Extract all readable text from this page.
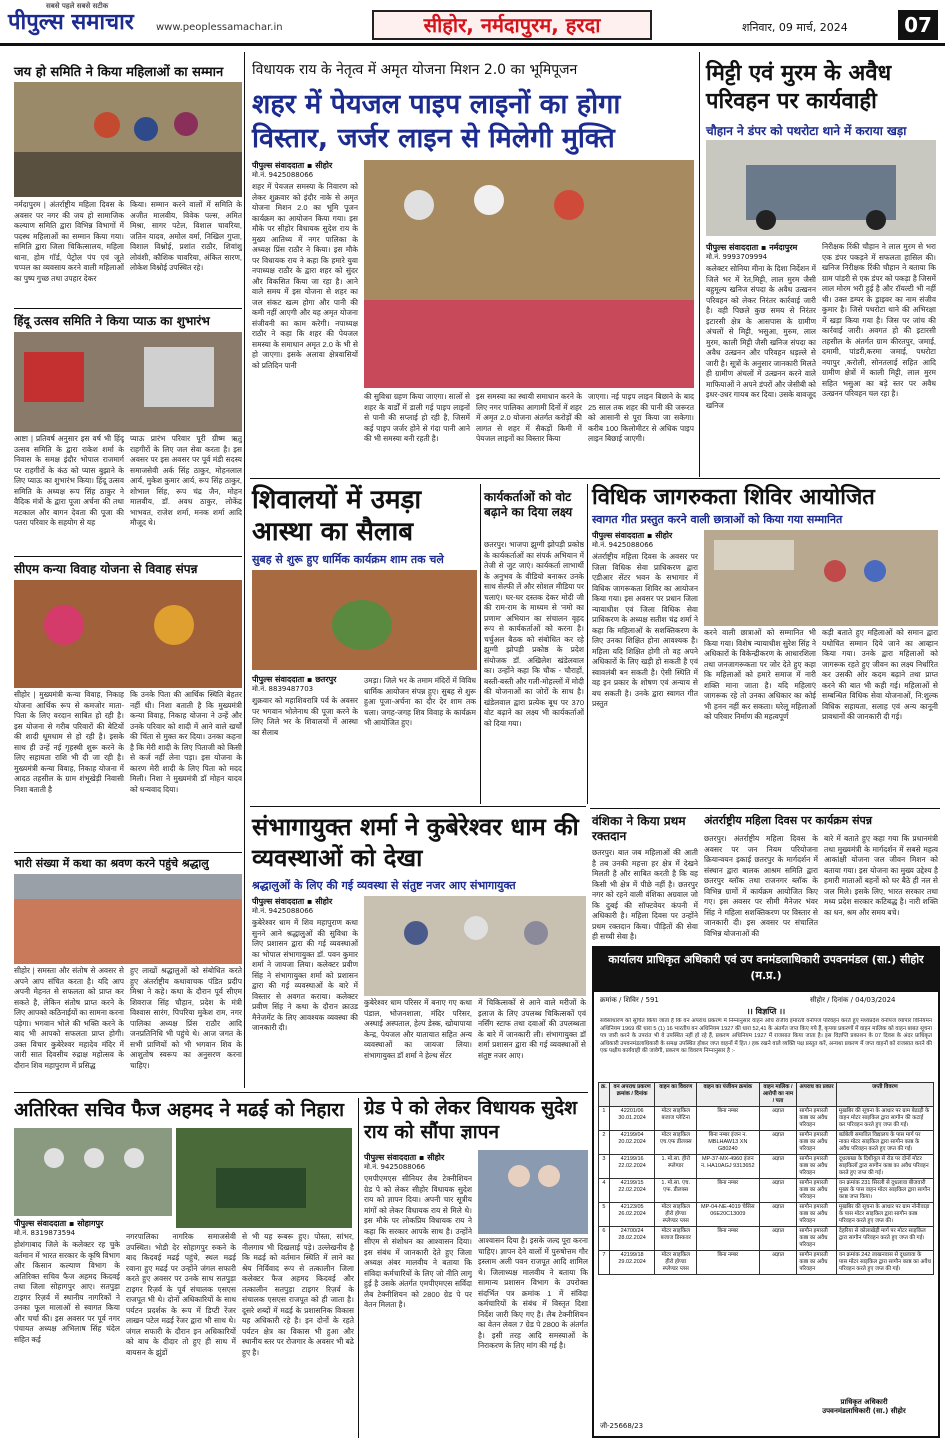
पीपुल्स समाचार
सबसे पहले सबसे सटीक
www.peoplessamachar.in	सीहोर, नर्मदापुरम, हरदा	शनिवार, 09 मार्च, 2024	07
जय हो समिति ने किया महिलाओं का सम्मान
नर्मदापुरम | अंतर्राष्ट्रीय महिला दिवस के अवसर पर नगर की जय हो सामाजिक कल्याण समिति द्वारा विभिन्न विभागों में पदस्थ महिलाओं का सम्मान किया गया। समिति द्वारा जिला चिकित्सालय, महिला थाना, होम गॉर्ड, पेट्रोल पंप एवं जूते चप्पल का व्यवसाय करने वाली महिलाओं का पुष्प गुच्छ तथा उपहार देकर
किया। सम्मान करने वालों में समिति के अजीत मालवीय, विवेक पल्स, अमित मिश्रा, सागर पटेल, विशाल चावरिया, जतिन यादव, अमोल वर्मा, निखिल गुप्ता, विशाल विश्नोई, प्रशांत राठौर, शिवांशु लोवंशी, कौशिक चावरिया, अंकित सारण, लोकेश विश्नोई उपस्थित रहे।
हिंदू उत्सव समिति ने किया प्याऊ का शुभारंभ
आष्टा | प्रतिवर्ष अनुसार इस वर्ष भी हिंदू उत्सव समिति के द्वारा राकेश शर्मा के निवास के समक्ष इंदौर भोपाल राजमार्ग पर राहगीरों के कंठ को प्यास बुझाने के लिए प्याऊ का शुभारंभ किया। हिंदू उत्सव समिति के अध्यक्ष रूप सिंह ठाकुर ने वैदिक मंत्रों के द्वारा पूजा अर्चना की तथा मटकाल और बागन देवता की पूजा की पतरा परिवार के सहयोग से यह
प्याऊ प्रारंभ परिवार पूरी ग्रीष्म ऋतु राहगीरों के लिए जल सेवा करता है। इस अवसर पर इस अवसर पर पूर्व मंडी सदस्य समाजसेवी अर्क सिंह ठाकुर, मोहनलाल आर्य, मुकेश कुमार आर्य, रूप सिंह ठाकुर, शोभाल सिंह, रूप चंद्र जैन, मोहन मालवीय, डॉ. अवध ठाकुर, लोकेंद्र भाभवत, राजेश शर्मा, मनक शर्मा आदि मौजूद थे।
सीएम कन्या विवाह योजना से विवाह संपन्न
सीहोर | मुख्यमंत्री कन्या विवाह, निकाह योजना आर्थिक रूप से कमजोर माता-पिता के लिए वरदान साबित हो रही है। इस योजना से गरीब परिवारों की बेटियों की शादी धूमधाम से हो रही है। इसके साथ ही उन्हें नई गृहस्थी शुरू करने के लिए सहायता राशि भी दी जा रही है। मुख्यमंत्री कन्या विवाह, निकाह योजना में आदठ तहसील के ग्राम शंभूखेड़ी निवासी निशा बताती है
कि उनके पिता की आर्थिक स्थिति बेहतर नहीं थी। निशा बताती है कि मुख्यमंत्री कन्या विवाह, निकाह योजना ने उन्हें और उनके परिवार को शादी में आने वाले खर्चों की चिंता से मुक्त कर दिया। उनका कहना है कि मेरी शादी के लिए पिताजी को किसी से कर्ज नहीं लेना पड़ा। इस योजना के कारण मेरी शादी के लिए पिता को मदद मिली। निशा ने मुख्यमंत्री डॉ मोहन यादव को धन्यवाद दिया।
भारी संख्या में कथा का श्रवण करने पहुंचे श्रद्धालु
सीहोर | समस्ता और संतोष से अवसर से अपने आप संचित करता है। यदि आप अपनी मेहनत से सफलता को प्राप्त कर सकते है, लेकिन संतोष प्राप्त करने के लिए आपको कठिनाईयों का सामना करना पड़ेगा। भगवान भोले की भक्ति करने के बाद भी आपको सफलता प्राप्त होगी। उक्त विचार कुबेरेश्वर महादेव मंदिर में जारी सात दिवसीय रुद्राक्ष महोत्सव के दौरान शिव महापुराण में प्रसिद्ध
हुए लाखों श्रद्धालुओं को संबोधित करते हुए अंतर्राष्ट्रीय कथावाचक पंडित प्रदीप मिश्रा ने कहे। कथा के दौरान पूर्व सीएम शिवराज सिंह चौहान, प्रदेश के मंत्री विश्वास सारंग, पिपरिया मुकेश राम, नगर पालिका अध्यक्ष प्रिंस राठौर आदि जनप्रतिनिधि भी पहुंचे थे। आज जगत के सभी प्राणियों को भी भगवान शिव के आशुतोष स्वरूप का अनुसरण करना चाहिए।
विधायक राय के नेतृत्व में अमृत योजना मिशन 2.0 का भूमिपूजन
शहर में पेयजल पाइप लाइनों का होगा विस्तार, जर्जर लाइन से मिलेगी मुक्ति
पीपुल्स संवाददाता ▪ सीहोर
मो.नं. 9425088066
शहर में पेयजल समस्या के निवारण को लेकर शुक्रवार को इंदौर नाके से अमृत योजना मिशन 2.0 का भूमि पूजन कार्यक्रम का आयोजन किया गया। इस मौके पर सीहोर विधायक सुदेश राय के मुख्य आतिथ्य में नगर पालिका के अध्यक्ष प्रिंस राठौर ने किया। इस मौके पर विधायक राय ने कहा कि हमारे युवा नपाध्यक्ष राठौर के द्वारा शहर को सुंदर और विकसित किया जा रहा है। आने वाले समय में इस योजना से शहर का जल संकट खत्म होगा और पानी की कमी नहीं आएगी और यह अमृत योजना संजीवनी का काम करेगी। नपाध्यक्ष राठौर ने कहा कि शहर की पेयजल समस्या के समाधान अमृत 2.0 के भी से हो जाएगा। इसके अलावा क्षेत्रवासियों को प्रतिदिन पानी
की सुविधा ग्रहण किया जाएगा। सालों से शहर के वार्डों में डाली गई पाइप लाइनों से पानी की सप्लाई हो रही है, जिसमें कई पाइप जर्जर होने से गंदा पानी आने की भी समस्या बनी रहती है।
इस समस्या का स्थायी समाधान करने के लिए नगर पालिका आगामी दिनों में शहर में अमृत 2.0 योजना अंतर्गत करोड़ों की लागत से शहर में सैकड़ों किमी में पेयजल लाइनों का विस्तार किया
जाएगा। नई पाइप लाइन बिछाने के बाद 25 साल तक शहर की पानी की जरूरत को आसानी से पूरा किया जा सकेगा। करीब 100 किलोमीटर से अधिक पाइप लाइन बिछाई जाएगी।
मिट्टी एवं मुरम के अवैध परिवहन पर कार्यवाही
चौहान ने डंपर को पथरोटा थाने में कराया खड़ा
पीपुल्स संवाददाता ▪ नर्मदापुरम
मो.नं. 9993709994
कलेक्टर सोनिया मीना के दिशा निर्देशन में जिले भर में रेत,मिट्टी, लाल मुरम जैसी बहुमूल्य खनिज संपदा के अवैध उत्खनन परिवहन को लेकर निरंतर कार्रवाई जारी है। वही पिछले कुछ समय से निरंतर इटारसी क्षेत्र के आसपास के ग्रामीण अंचलों से मिट्टी, भसुआ, मुरुम, लाल मुरम, काली मिट्टी जैसी खनिज संपदा का अवैध उत्खनन और परिवहन धड़ल्ले से जारी है। सूत्रों के अनुसार जानकारी मिलते ही ग्रामीण अंचलों में उत्खनन करने वाले माफियाओं ने अपने डंपरों और जेसीबी को इधर-उधर गायब कर दिया। उसके बावजूद खनिज
निरीक्षक रिंकी चौहान ने लाल मुरम से भरा एक डंपर पकड़ने में सफलता हासिल की। खनिज निरीक्षक रिंकी चौहान ने बताया कि ग्राम पांडरी से एक डंपर को पकड़ा है जिसमें लाल मोरम भरी हुई है और रॉयल्टी भी नहीं थी। उक्त डम्पर के ड्राइवर का नाम संजीव कुमार है। जिसे पथरोटा थाने की अभिरक्षा में खड़ा किया गया है। जिस पर जांच की कार्रवाई जारी। अवगत हो की इटारसी तहसील के अंतर्गत ग्राम कीरतपुर, जमाई, दमामी, पांडरी,करमा जमाई, पथरोटा नयापुर ,करोली, सोनतलाई सहित आदि ग्रामीण क्षेत्रों में काली मिट्टी, लाल मुरम सहित भसुआ का बड़े स्तर पर अवैध उत्खनन परिवहन चल रहा है।
शिवालयों में उमड़ा आस्था का सैलाब
सुबह से शुरू हुए धार्मिक कार्यक्रम शाम तक चले
पीपुल्स संवाददाता ▪ छतरपुर
मो.नं. 8839487703
शुक्रवार को महाशिवरात्रि पर्व के अवसर पर भगवान भोलेनाथ की पूजा करने के लिए जिले भर के शिवालयों में आस्था का सैलाब
उमड़ा। जिले भर के तमाम मंदिरों में विविध धार्मिक आयोजन संपन्न हुए। सुबह से शुरू हुआ पूजा-अर्चना का दौर देर शाम तक चला। जगह-जगह शिव विवाह के कार्यक्रम भी आयोजित हुए।
कार्यकर्ताओं को वोट बढ़ाने का दिया लक्ष्य
छतरपुर। भाजपा झुग्गी झोपड़ी प्रकोष्ठ के कार्यकर्ताओं का संपर्क अभियान में तेजी से जुट जाएं। कार्यकर्ता लाभार्थी के अनुभव के वीडियो बनाकर उनके साथ सेल्फी लें और सोशल मीडिया पर चलाएं। घर-घर दस्तक देकर मोदी जी की राम-राम के माध्यम से 'नमो का प्रणाम' अभियान का संचालन वृहद रूप से कार्यकर्ताओं को करना है। चर्चुअल बैठक को संबोधित कर रहे झुग्गी झोपड़ी प्रकोष्ठ के प्रदेश संयोजक डॉ. अखिलेश खंडेलवाल का। उन्होंने कहा कि चौक - चौराहों, बस्ती-बस्ती और गली-मोहल्लों में मोदी की योजनाओं का जोरों के साथ है। खंडेलवाल द्वारा प्रत्येक बूथ पर 370 वोट बढ़ाने का लक्ष्य भी कार्यकर्ताओं को दिया गया।
विधिक जागरुकता शिविर आयोजित
स्वागत गीत प्रस्तुत करने वाली छात्राओं को किया गया सम्मानित
पीपुल्स संवाददाता ▪ सीहोर
मो.नं. 9425088066
अंतर्राष्ट्रीय महिला दिवस के अवसर पर जिला विधिक सेवा प्राधिकरण द्वारा एडीआर सेंटर भवन के सभागार में विधिक जागरूकता शिविर का आयोजन किया गया। इस अवसर पर प्रधान जिला न्यायाधीश एवं जिला विधिक सेवा प्राधिकरण के अध्यक्ष सतीश चंद्र शर्मा ने कहा कि महिलाओं के सशक्तिकरण के लिए उनका शिक्षित होना आवश्यक है। महिला यदि शिक्षित होगी तो वह अपने अधिकारों के लिए खड़ी हो सकती है एवं स्वावलंबी बन सकती है। ऐसी स्थिति में वह इन प्रकार के शोषण एवं अन्याय से बच सकती है। उनके द्वारा स्वागत गीत प्रस्तुत
करने वाली छात्राओं को सम्मानित भी किया गया। विशेष न्यायाधीश सुरेश सिंह ने अधिकारों के विकेन्द्रीकरण के आधारशिला तथा जनजागरूकता पर जोर देते हुए कहा कि महिलाओं को हमारे समाज में नारी शक्ति माना जाता है। यदि महिलाएं जागरूक रहे तो उनका अधिकार का कोई भी हनन नहीं कर सकता। घरेलू महिलाओं को परिवार निर्माण की महत्वपूर्ण
कड़ी बताते हुए महिलाओं को समान द्वारा यथोचित सम्मान दिये जाने का आव्हान किया गया। उनके द्वारा महिलाओं को जागरूक रहते हुए जीवन का लक्ष्य निर्धारित कर उसकी ओर कदम बढ़ाने तथा प्राप्त करने की बात भी कही गई। महिलाओं से सम्बन्धित विधिक सेवा योजनाओं, नि:शुल्क विधिक सहायता, सलाह एवं अन्य कानूनी प्रावधानों की जानकारी दी गई।
वंशिका ने किया प्रथम रक्तदान
छतरपुर। बात जब महिलाओं की आती है तब उनकी महत्ता हर क्षेत्र में देखने मिलती है और साबित करती है कि वह किसी भी क्षेत्र में पीछे नहीं है। छतरपुर नगर को रहने वाली वंशिका अग्रवाल जो कि दुबई की सॉफ्टवेयर कंपनी में अधिकारी है। महिला दिवस पर उन्होंने प्रथम रक्तदान किया। पीड़ितों की सेवा ही सच्ची सेवा है।
अंतर्राष्ट्रीय महिला दिवस पर कार्यक्रम संपन्न
छतरपुर। अंतर्राष्ट्रीय महिला दिवस के अवसर पर जन नियम परियोजना क्रियान्वयन इकाई छतरपुर के मार्गदर्शन में संस्थान द्वारा बालक आश्रम समिति द्वारा छतरपुर ब्लॉक तथा राजनगर ब्लॉक के विभिन्न ग्रामों में कार्यक्रम आयोजित किए गए। इस अवसर पर सीमी मैनेजर भंवर सिंह ने महिला सशक्तिकरण पर विस्तार से जानकारी दी। इस अवसर पर संचालित विभिन्न योजनाओं की
बारे में बताते हुए कहा गया कि प्रधानमंत्री तथा मुख्यमंत्री के मार्गदर्शन में सबसे महत्व आकांक्षी योजना जल जीवन मिशन को बताया गया। इस योजना का मुख्य उद्देश्य है हमारी माताओं बहनों को घर बैठे ही नल से जल मिले। इसके लिए, भारत सरकार तथा मध्य प्रदेश सरकार कटिबद्ध है। नारी शक्ति का धन, श्रम और समय बचे।
संभागायुक्त शर्मा ने कुबेरेश्वर धाम की व्यवस्थाओं को देखा
श्रद्धालुओं के लिए की गई व्यवस्था से संतुष्ट नजर आए संभागायुक्त
पीपुल्स संवाददाता ▪ सीहोर
मो.नं. 9425088066
कुबेरेश्वर धाम में शिव महापुराण कथा सुनने आने श्रद्धालुओं की सुविधा के लिए प्रशासन द्वारा की गई व्यवस्थाओं का भोपाल संभागायुक्त डॉ. पवन कुमार शर्मा ने जायजा लिया। कलेक्टर प्रवीण सिंह ने संभागायुक्त शर्मा को प्रशासन द्वारा की गई व्यवस्थाओं के बारे में विस्तार से अवगत कराया। कलेक्टर प्रवीण सिंह ने कथा के दौरान क्राउड मैनेजमेंट के लिए आवश्यक व्यवस्था की जानकारी दी।
कुबेरेश्वर धाम परिसर में बनाए गए कथा पंडाल, भोजनशाला, मंदिर परिसर, अस्थाई अस्पताल, हेल्प डेस्क, खोयापाया केन्द्र, पेयजल और यातायात सहित अन्य व्यवस्थाओं का जायजा लिया। संभागायुक्त डॉ शर्मा ने हेल्थ सेंटर
में चिकित्सकों से आने वाले मरीजों के इलाज के लिए उपलब्ध चिकित्सकों एवं नर्सिंग स्टाफ तथा दवाओं की उपलब्धता के बारे में जानकारी ली। संभागायुक्त डॉ शर्मा प्रशासन द्वारा की गई व्यवस्थाओं से संतुष्ट नजर आए।
अतिरिक्त सचिव फैज अहमद ने मढई को निहारा
पीपुल्स संवाददाता ▪ सोहागपुर
मो.नं. 8319873594
होशंगाबाद जिले के कलेक्टर रह चुके वर्तमान में भारत सरकार के कृषि विभाग और किसान कल्याण विभाग के अतिरिक्त सचिव फैज अहमद किदवई तथा जिला सोहागपुर आए। सतपुड़ा टाइगर रिज़र्व में स्थानीय नागरिकों ने उनका फूल मालाओं से स्वागत किया और चर्चा की। इस अवसर पर पूर्व नगर पंचायत अध्यक्ष अभिलाष सिंह चंदेल सहित कई
नगरपालिका नागरिक समाजसेवी उपस्थित। भोडी देर सोहागपुर रुकने के बाद किदवई मढई पहुंचे, स्थल मढई रवाना हुए मढई पर उन्होंने जंगल सफारी करते हुए अवसर पर उनके साथ सतपुड़ा टाइगर रिज़र्व के पूर्व संचालक एसएस राजपूत भी थे। दोनों अधिकारियों के साथ पर्यटन प्रदर्शक के रूप में डिप्टी रेंजर लाखन पटेल मढई रेंजर द्वारा भी साथ थे। जंगल सफारी के दौरान इन अधिकारियों को बाघ के दीदार तो हुए ही साथ में बायसन के झुंडों
से भी यह रूबरू हुए। पोस्ता, सांभर, नीलगाय भी दिखलाई पड़े। उल्लेखनीय है कि मढई को वर्तमान स्थिति में लाने का श्रेय निर्विवाद रूप से तत्कालीन जिला कलेक्टर फैज अहमद किदवई और तत्कालीन सतपुड़ा टाइगर रिज़र्व के संचालक एसएस राजपूत को ही जाता है। दूसरे शब्दों में मढई के प्रशासनिक विकास यह अधिकारी रहे है। इन दोनों के रहते पर्यटन क्षेत्र का विकास भी हुआ और स्थानीय स्तर पर रोजगार के अवसर भी बढे हुए है।
ग्रेड पे को लेकर विधायक सुदेश राय को सौंपा ज्ञापन
पीपुल्स संवाददाता ▪ सीहोर
मो.नं. 9425088066
एमपीएमएस सीनियर लैब टेक्नीशियन ग्रेड पे को लेकर सीहोर विधायक सुदेश राय को ज्ञापन दिया। अपनी चार सूत्रीय मांगों को लेकर विधायक राय से मिले थे। इस मौके पर लोकप्रिय विधायक राय ने कहा कि सरकार आपके साथ है। उन्होंने सीएम से संशोधन का आश्वासन दिया। इस संबंध में जानकारी देते हुए जिला अध्यक्ष अंबर मालवीय ने बताया कि संविदा कर्मचारियों के लिए जो नीति लागू हुई है उसके अंतर्गत एमपीएमएस सर्विदा लैब टेक्नीशियन को 2800 ग्रेड पे पर वेतन मिलता है।
आश्वासन दिया है। इसके जल्द पूरा करना चाहिए। ज्ञापन देने वालों में पुरुषोत्तम गौर इस्लाम अली पवन राजपूत आदि शामिल थे। जिलाध्यक्ष मालवीय ने बताया कि सामान्य प्रशासन विभाग के उपरोक्त संदर्भित पत्र क्रमांक 1 में संविदा कर्मचारियों के संबंध में विस्तृत दिशा निर्देश जारी किए गए है। लैब टेक्नीशियन का वेतन लेवल 7 ग्रेड पे 2800 के अंतर्गत है। इसी तरह आदि समस्याओं के निराकरण के लिए मांग की गई है।
कार्यालय प्राधिकृत अधिकारी एवं उप वनमंडलाधिकारी उपवनमंडल (सा.) सीहोर (म.प्र.)
क्रमांक / शिविर / 591	सीहोर / दिनांक / 04/03/2024
।। विज्ञप्ति ।।
सर्वसाधारण को सूचित किया जाता है कि वन अपराध प्रकरण में निम्नानुसार वाहन अधि राजीव इमारती वनोपज परिवहन करते हुए मध्यप्रदेश वनोपज व्यापार विनियमन अधिनियम 1969 की धारा 5 (1) 16 भारतीय वन अधिनियम 1927 की धारा 52,41 के अंतर्गत जप्त किए गये हैं, कृपया प्रकरणों में वाहन मालिक को वाहन बाबत सूचना पत्र जारी करने के उपरांत भी वे उपस्थित नहीं हो रहे हैं, प्रकरण अधिनियम 1927 में राजसात किया जाता है। इस विज्ञप्ति प्रकाशन के 07 दिवस के अंदर प्राधिकृत अधिकारी उपवनमंडलाधिकारी के समक्ष उपस्थित होकर जप्त वाहनों में हित / हक रखने वाले व्यक्ति पक्ष प्रस्तुत करें, अन्यथा प्रकरण में जप्त वाहनों को राजसात करने की एक पक्षीय कार्यवाही की जावेगी, प्रकरण का विवरण निम्नानुसार है :-
क्र.	वन अपराध प्रकरण क्रमांक / दिनांक	वाहन का विवरण	वाहन का पंजीयन क्रमांक	वाहन मालिक / आरोपी का नाम / पता	अपराध का प्रकार	जप्ती विवरण
1	42201/06 30.01.2024	मोटर साइकिल बजाज प्लेटिना	बिना नम्बर	अज्ञात	सागौन इमारती काष्ठ का अवैध परिवहन	मुखबिर की सूचना के आधार पर ग्राम बेडाड़ी के वाहन मोटर साइकिल द्वारा सागौन की कटाई कर परिवहन करते हुए जप्त की गई।
2	42199/04 20.02.2024	मोटर साइकिल एच.एफ डीलक्स	बिना नम्बर इंजन न. MBLHAW13 XN G80240	अज्ञात	सागौन इमारती काष्ठ का अवैध परिवहन	बर्डबेली समावित विद्यालय के पास मार्ग पर नाका मोटर साइकिल द्वारा सागौन काष्ठ के अवैध परिवहन करते हुए जप्त की गई।
3	42199/16 22.02.2024	1. मो.सा. हीरो स्प्लेण्डर	MP-37-MX-4960 इंजन न. HA10AGJ 9313652	अज्ञात	सागौन इमारती काष्ठ का अवैध परिवहन	दूधलाखा के दिशीयूल से रोड पर दोनों मोटर साइकिलों द्वारा सागौन काष्ठ का अवैध परिवहन करते हुए जप्त की गई।
4	42199/15 22.02.2024	1. मो.सा. एच. एफ. डीलक्स	बिना नम्बर	अज्ञात	सागौन इमारती काष्ठ का अवैध परिवहन	वन क्रमांक 231 सिरली से दूधलावा बीजवारी मुख्य के पास वाहन मोटर साइकिल द्वारा सागौन काष्ठ जप्त किया।
5	42123/05 26.02.2024	मोटर साइकिल हीरो होण्डा स्प्लेण्डर प्लस	MP-04-NE-4019 चेसिस 06E20C13009	अज्ञात	सागौन इमारती काष्ठ का अवैध परिवहन	मुखबिर की सूचना के आधार पर ग्राम नोनीवाड़ा के पास मोटर साइकिल द्वारा सागौन काष्ठ परिवहन करते हुए जप्त की।
6	24700/24 28.02.2024	मोटर साइकिल बजाज डिस्कवर	बिना नम्बर	अज्ञात	सागौन इमारती काष्ठ का अवैध परिवहन	देहरिया से कोलाखेड़ी मार्ग पर मोटर साइकिल द्वारा सागौन परिवहन करते हुए जप्त की गई।
7	42199/18 29.02.2024	मोटर साइकिल हीरो होण्डा स्प्लेण्डर प्लस	बिना नम्बर	अज्ञात	सागौन इमारती काष्ठ का अवैध परिवहन	वन क्रमांक 242 लाखनवास से दूधलावा के पास मोटर साइकिल द्वारा सागौन काष्ठ का अवैध परिवहन करते हुए जप्त की गई।
प्राधिकृत अधिकारी
उपवनमंडलाधिकारी (सा.) सीहोर
जी-25668/23
